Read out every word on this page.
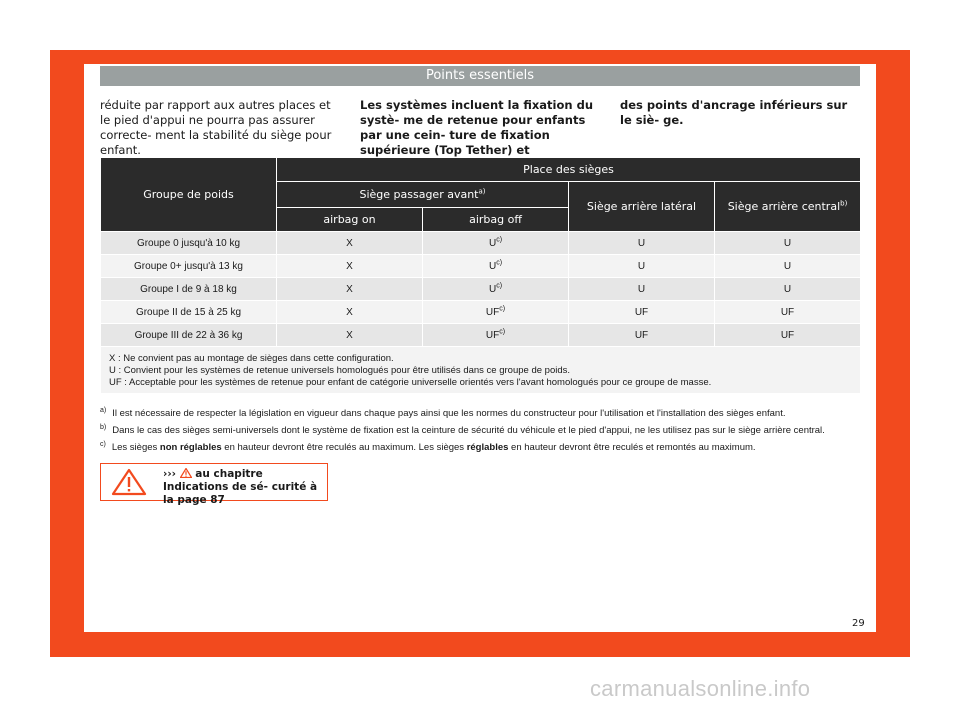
Points essentiels
réduite par rapport aux autres places et le pied d'appui ne pourra pas assurer correcte- ment la stabilité du siège pour enfant.
Les systèmes incluent la fixation du systè- me de retenue pour enfants par une cein- ture de fixation supérieure (Top Tether) et
des points d'ancrage inférieurs sur le siè- ge.
Groupe de poids	Place des sièges			
	Siège passager avant$^{a)}$		Siège arrière latéral	Siège arrière central$^{b)}$
	airbag on	airbag off		
Groupe 0 jusqu'à 10 kg	X	$U^{c)}$	U	U
Groupe 0+ jusqu'à 13 kg	X	$U^{c)}$	U	U
Groupe I de 9 à 18 kg	X	$U^{c)}$	U	U
Groupe II de 15 à 25 kg	X	UF$^{c)}$	UF	UF
Groupe III de 22 à 36 kg	X	UF$^{c)}$	UF	UF

X : Ne convient pas au montage de sièges dans cette configuration.
U : Convient pour les systèmes de retenue universels homologués pour être utilisés dans ce groupe de poids.
UF : Acceptable pour les systèmes de retenue pour enfant de catégorie universelle orientés vers l'avant homologués pour ce groupe de masse.				
$^{a)}$ Il est nécessaire de respecter la législation en vigueur dans chaque pays ainsi que les normes du constructeur pour l'utilisation et l'installation des sièges enfant.
$^{b)}$ Dans le cas des sièges semi-universels dont le système de fixation est la ceinture de sécurité du véhicule et le pied d'appui, ne les utilisez pas sur le siège arrière central.
$^{c)}$ Les sièges non réglables en hauteur devront être reculés au maximum. Les sièges réglables en hauteur devront être reculés et remontés au maximum.
››› au chapitre Indications de sé- curité à la page 87
29
carmanualsonline.info
